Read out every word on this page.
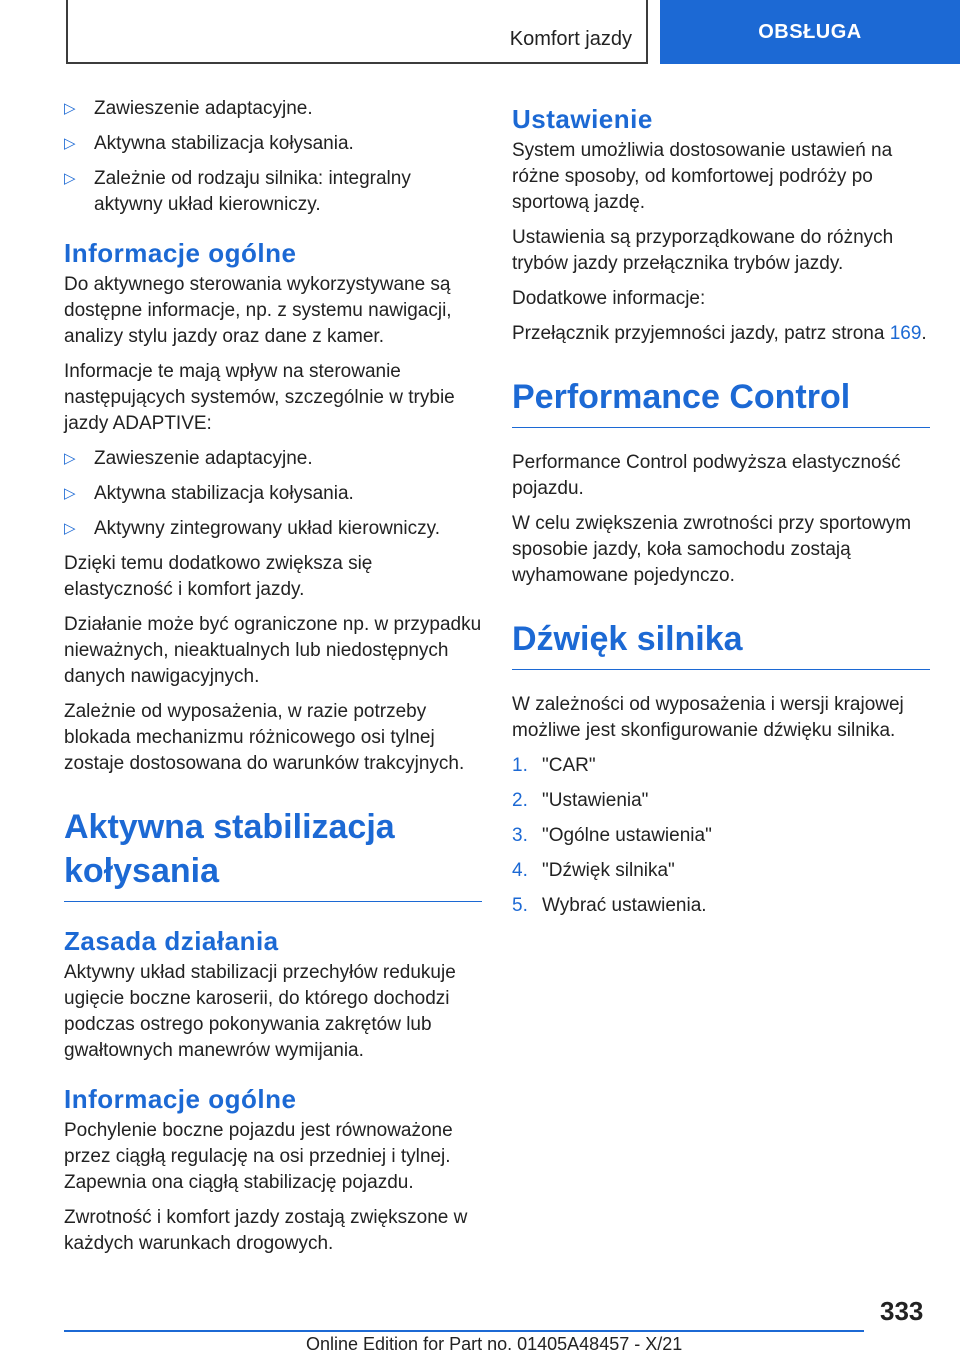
Komfort jazdy	OBSŁUGA
▷ Zawieszenie adaptacyjne.
▷ Aktywna stabilizacja kołysania.
▷ Zależnie od rodzaju silnika: integralny aktywny układ kierowniczy.
Informacje ogólne

Do aktywnego sterowania wykorzystywane są dostępne informacje, np. z systemu nawigacji, analizy stylu jazdy oraz dane z kamer.

Informacje te mają wpływ na sterowanie następujących systemów, szczególnie w trybie jazdy ADAPTIVE:

▷ Zawieszenie adaptacyjne.
▷ Aktywna stabilizacja kołysania.
▷ Aktywny zintegrowany układ kierowniczy.

Dzięki temu dodatkowo zwiększa się elastyczność i komfort jazdy.

Działanie może być ograniczone np. w przypadku nieważnych, nieaktualnych lub niedostępnych danych nawigacyjnych.

Zależnie od wyposażenia, w razie potrzeby blokada mechanizmu różnicowego osi tylnej zostaje dostosowana do warunków trakcyjnych.

Aktywna stabilizacja kołysania
Zasada działania

Aktywny układ stabilizacji przechyłów redukuje ugięcie boczne karoserii, do którego dochodzi podczas ostrego pokonywania zakrętów lub gwałtownych manewrów wymijania.

Informacje ogólne

Pochylenie boczne pojazdu jest równoważone przez ciągłą regulację na osi przedniej i tylnej. Zapewnia ona ciągłą stabilizację pojazdu.

Zwrotność i komfort jazdy zostają zwiększone w każdych warunkach drogowych.

Ustawienie

System umożliwia dostosowanie ustawień na różne sposoby, od komfortowej podróży po sportową jazdę.

Ustawienia są przyporządkowane do różnych trybów jazdy przełącznika trybów jazdy.

Dodatkowe informacje:

Przełącznik przyjemności jazdy, patrz strona 169.

Performance Control

Performance Control podwyższa elastyczność pojazdu.

W celu zwiększenia zwrotności przy sportowym sposobie jazdy, koła samochodu zostają wyhamowane pojedynczo.

Dźwięk silnika

W zależności od wyposażenia i wersji krajowej możliwe jest skonfigurowanie dźwięku silnika.

1. "CAR"
2. "Ustawienia"
3. "Ogólne ustawienia"
4. "Dźwięk silnika"
5. Wybrać ustawienia.
333
Online Edition for Part no. 01405A48457 - X/21
